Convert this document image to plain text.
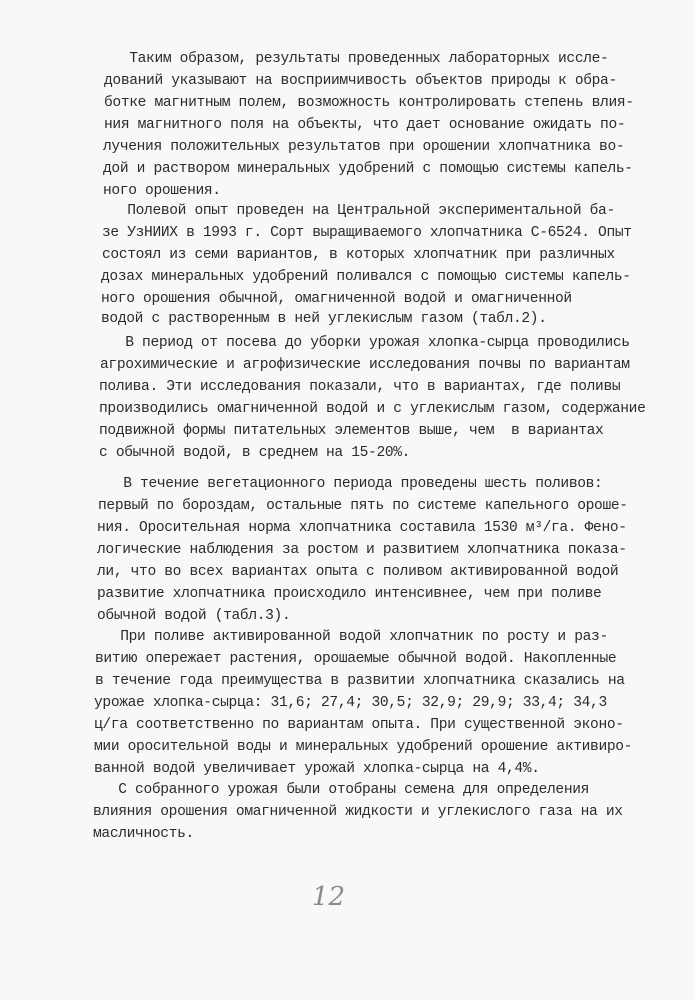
Таким образом, результаты проведенных лабораторных иссле-
дований указывают на восприимчивость объектов природы к обра-
ботке магнитным полем, возможность контролировать степень влия-
ния магнитного поля на объекты, что дает основание ожидать по-
лучения положительных результатов при орошении хлопчатника во-
дой и раствором минеральных удобрений с помощью системы капель-
ного орошения.
Полевой опыт проведен на Центральной экспериментальной ба-
зе УзНИИХ в 1993 г. Сорт выращиваемого хлопчатника С-6524. Опыт
состоял из семи вариантов, в которых хлопчатник при различных
дозах минеральных удобрений поливался с помощью системы капель-
ного орошения обычной, омагниченной водой и омагниченной
водой с растворенным в ней углекислым газом (табл.2).
В период от посева до уборки урожая хлопка-сырца проводились
агрохимические и агрофизические исследования почвы по вариантам
полива. Эти исследования показали, что в вариантах, где поливы
производились омагниченной водой и с углекислым газом, содержание
подвижной формы питательных элементов выше, чем  в вариантах
с обычной водой, в среднем на 15-20%.
В течение вегетационного периода проведены шесть поливов:
первый по бороздам, остальные пять по системе капельного ороше-
ния. Оросительная норма хлопчатника составила 1530 м³/га. Фено-
логические наблюдения за ростом и развитием хлопчатника показа-
ли, что во всех вариантах опыта с поливом активированной водой
развитие хлопчатника происходило интенсивнее, чем при поливе
обычной водой (табл.3).
При поливе активированной водой хлопчатник по росту и раз-
витию опережает растения, орошаемые обычной водой. Накопленные
в течение года преимущества в развитии хлопчатника сказались на
урожае хлопка-сырца: 31,6; 27,4; 30,5; 32,9; 29,9; 33,4; 34,3
ц/га соответственно по вариантам опыта. При существенной эконо-
мии оросительной воды и минеральных удобрений орошение активиро-
ванной водой увеличивает урожай хлопка-сырца на 4,4%.
С собранного урожая были отобраны семена для определения
влияния орошения омагниченной жидкости и углекислого газа на их
масличность.
12
